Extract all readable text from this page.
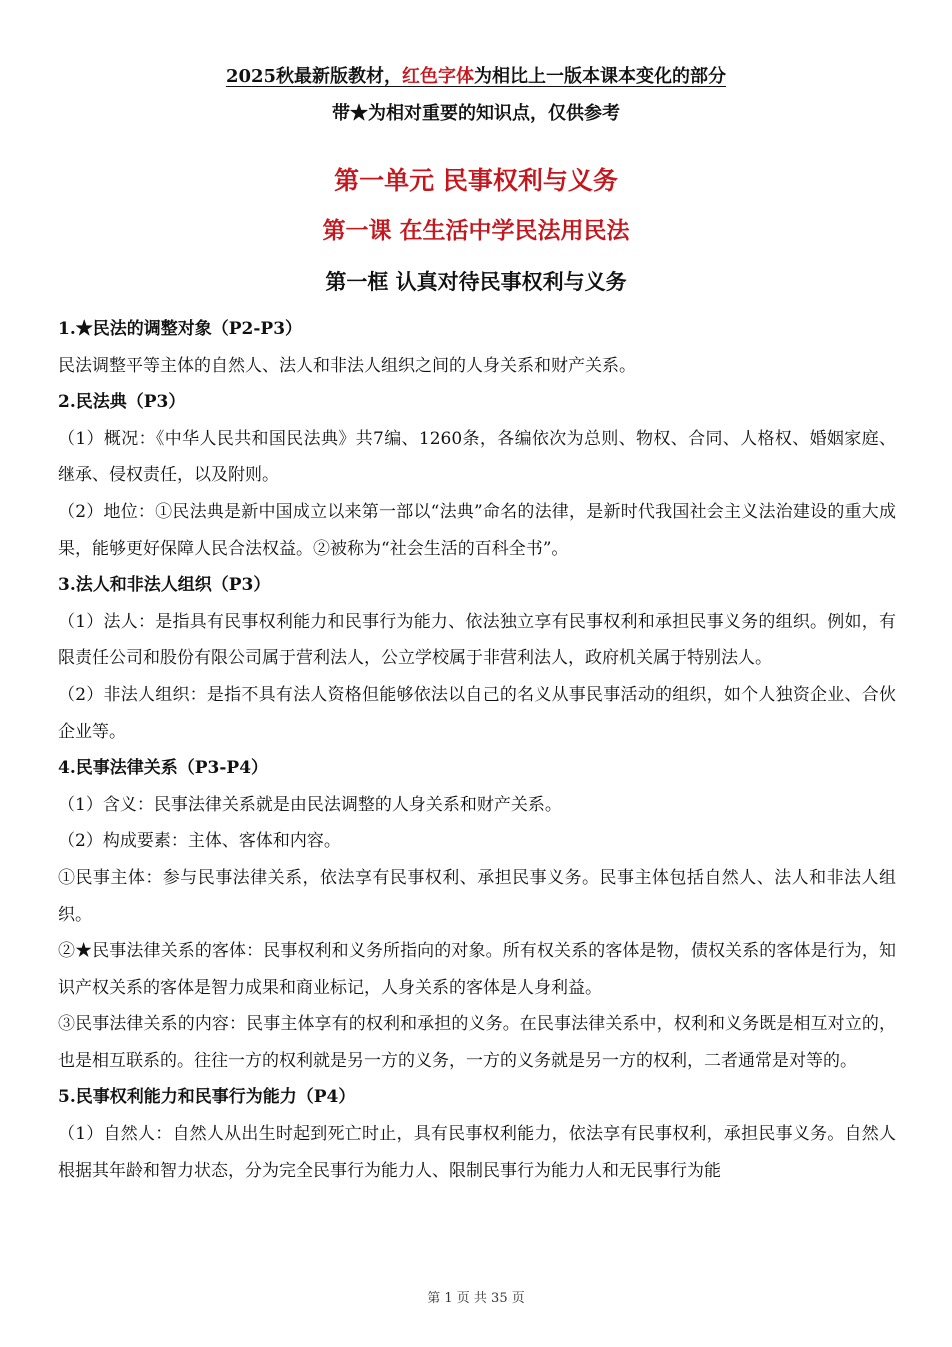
2025秋最新版教材，红色字体为相比上一版本课本变化的部分
带★为相对重要的知识点，仅供参考
第一单元 民事权利与义务
第一课 在生活中学民法用民法
第一框 认真对待民事权利与义务

1.★民法的调整对象（P2-P3）

民法调整平等主体的自然人、法人和非法人组织之间的人身关系和财产关系。

2.民法典（P3）

（1）概况：《中华人民共和国民法典》共7编、1260条，各编依次为总则、物权、合同、人格权、婚姻家庭、继承、侵权责任，以及附则。

（2）地位：①民法典是新中国成立以来第一部以“法典”命名的法律，是新时代我国社会主义法治建设的重大成果，能够更好保障人民合法权益。②被称为“社会生活的百科全书”。

3.法人和非法人组织（P3）

（1）法人：是指具有民事权利能力和民事行为能力、依法独立享有民事权利和承担民事义务的组织。例如，有限责任公司和股份有限公司属于营利法人，公立学校属于非营利法人，政府机关属于特别法人。

（2）非法人组织：是指不具有法人资格但能够依法以自己的名义从事民事活动的组织，如个人独资企业、合伙企业等。

4.民事法律关系（P3-P4）

（1）含义：民事法律关系就是由民法调整的人身关系和财产关系。

（2）构成要素：主体、客体和内容。

①民事主体：参与民事法律关系，依法享有民事权利、承担民事义务。民事主体包括自然人、法人和非法人组织。

②★民事法律关系的客体：民事权利和义务所指向的对象。所有权关系的客体是物，债权关系的客体是行为，知识产权关系的客体是智力成果和商业标记，人身关系的客体是人身利益。

③民事法律关系的内容：民事主体享有的权利和承担的义务。在民事法律关系中，权利和义务既是相互对立的，也是相互联系的。往往一方的权利就是另一方的义务，一方的义务就是另一方的权利，二者通常是对等的。

5.民事权利能力和民事行为能力（P4）

（1）自然人：自然人从出生时起到死亡时止，具有民事权利能力，依法享有民事权利，承担民事义务。自然人根据其年龄和智力状态，分为完全民事行为能力人、限制民事行为能力人和无民事行为能

第 1 页 共 35 页
